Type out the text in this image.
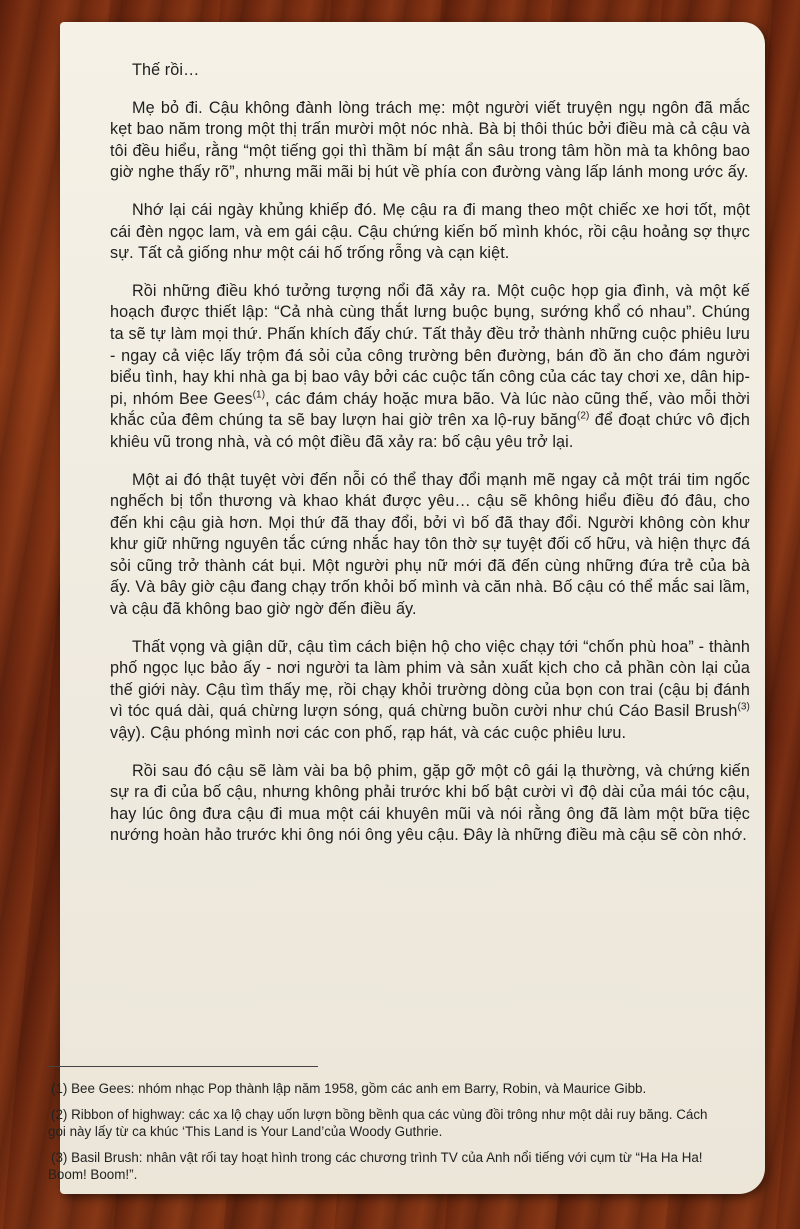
Thế rồi…

Mẹ bỏ đi. Cậu không đành lòng trách mẹ: một người viết truyện ngụ ngôn đã mắc kẹt bao năm trong một thị trấn mười một nóc nhà. Bà bị thôi thúc bởi điều mà cả cậu và tôi đều hiểu, rằng “một tiếng gọi thì thầm bí mật ẩn sâu trong tâm hồn mà ta không bao giờ nghe thấy rõ”, nhưng mãi mãi bị hút về phía con đường vàng lấp lánh mong ước ấy.

Nhớ lại cái ngày khủng khiếp đó. Mẹ cậu ra đi mang theo một chiếc xe hơi tốt, một cái đèn ngọc lam, và em gái cậu. Cậu chứng kiến bố mình khóc, rồi cậu hoảng sợ thực sự. Tất cả giống như một cái hố trống rỗng và cạn kiệt.

Rồi những điều khó tưởng tượng nổi đã xảy ra. Một cuộc họp gia đình, và một kế hoạch được thiết lập: “Cả nhà cùng thắt lưng buộc bụng, sướng khổ có nhau”. Chúng ta sẽ tự làm mọi thứ. Phấn khích đấy chứ. Tất thảy đều trở thành những cuộc phiêu lưu - ngay cả việc lấy trộm đá sỏi của công trường bên đường, bán đồ ăn cho đám người biểu tình, hay khi nhà ga bị bao vây bởi các cuộc tấn công của các tay chơi xe, dân hip-pi, nhóm Bee Gees$^{(1)}$, các đám cháy hoặc mưa bão. Và lúc nào cũng thế, vào mỗi thời khắc của đêm chúng ta sẽ bay lượn hai giờ trên xa lộ-ruy băng$^{(2)}$ để đoạt chức vô địch khiêu vũ trong nhà, và có một điều đã xảy ra: bố cậu yêu trở lại.

Một ai đó thật tuyệt vời đến nỗi có thể thay đổi mạnh mẽ ngay cả một trái tim ngốc nghếch bị tổn thương và khao khát được yêu… cậu sẽ không hiểu điều đó đâu, cho đến khi cậu già hơn. Mọi thứ đã thay đổi, bởi vì bố đã thay đổi. Người không còn khư khư giữ những nguyên tắc cứng nhắc hay tôn thờ sự tuyệt đối cố hữu, và hiện thực đá sỏi cũng trở thành cát bụi. Một người phụ nữ mới đã đến cùng những đứa trẻ của bà ấy. Và bây giờ cậu đang chạy trốn khỏi bố mình và căn nhà. Bố cậu có thể mắc sai lầm, và cậu đã không bao giờ ngờ đến điều ấy.

Thất vọng và giận dữ, cậu tìm cách biện hộ cho việc chạy tới “chốn phù hoa” - thành phố ngọc lục bảo ấy - nơi người ta làm phim và sản xuất kịch cho cả phần còn lại của thế giới này. Cậu tìm thấy mẹ, rồi chạy khỏi trường dòng của bọn con trai (cậu bị đánh vì tóc quá dài, quá chừng lượn sóng, quá chừng buồn cười như chú Cáo Basil Brush$^{(3)}$ vậy). Cậu phóng mình nơi các con phố, rạp hát, và các cuộc phiêu lưu.

Rồi sau đó cậu sẽ làm vài ba bộ phim, gặp gỡ một cô gái lạ thường, và chứng kiến sự ra đi của bố cậu, nhưng không phải trước khi bố bật cười vì độ dài của mái tóc cậu, hay lúc ông đưa cậu đi mua một cái khuyên mũi và nói rằng ông đã làm một bữa tiệc nướng hoàn hảo trước khi ông nói ông yêu cậu. Đây là những điều mà cậu sẽ còn nhớ.

(1) Bee Gees: nhóm nhạc Pop thành lập năm 1958, gồm các anh em Barry, Robin, và Maurice Gibb.
(2) Ribbon of highway: các xa lộ chạy uốn lượn bồng bềnh qua các vùng đồi trông như một dải ruy băng. Cách gọi này lấy từ ca khúc ‘This Land is Your Land’của Woody Guthrie.
(3) Basil Brush: nhân vật rối tay hoạt hình trong các chương trình TV của Anh nổi tiếng với cụm từ “Ha Ha Ha! Boom! Boom!”.
